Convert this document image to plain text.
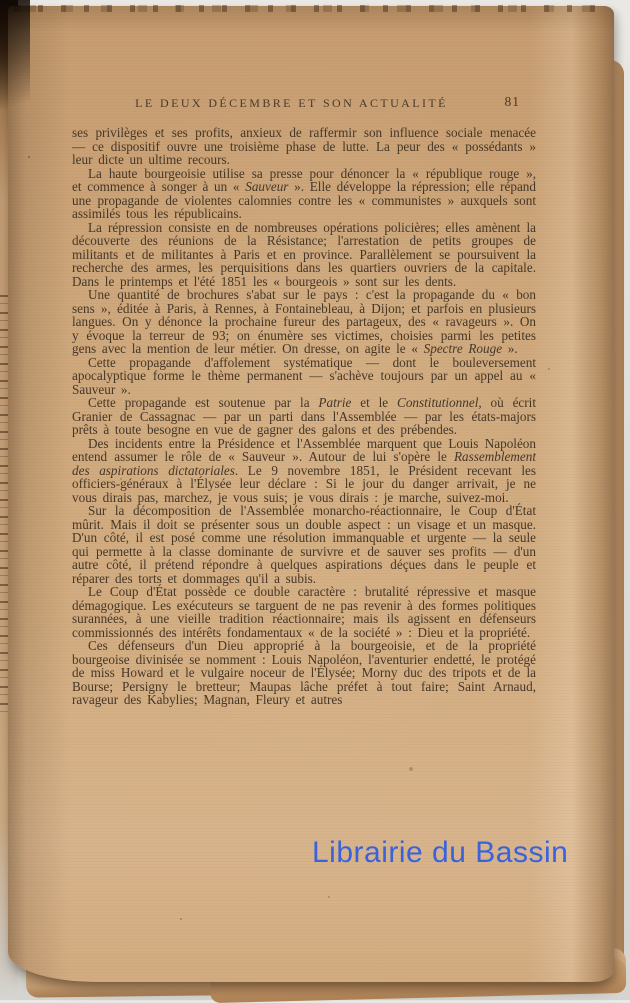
LE DEUX DÉCEMBRE ET SON ACTUALITÉ	81

ses privilèges et ses profits, anxieux de raffermir son influence sociale menacée — ce dispositif ouvre une troisième phase de lutte. La peur des « possédants » leur dicte un ultime recours.

La haute bourgeoisie utilise sa presse pour dénoncer la « république rouge », et commence à songer à un « Sauveur ». Elle développe la répression; elle répand une propagande de violentes calomnies contre les « communistes » auxquels sont assimilés tous les républicains.

La répression consiste en de nombreuses opérations policières; elles amènent la découverte des réunions de la Résistance; l'arrestation de petits groupes de militants et de militantes à Paris et en province. Parallèlement se poursuivent la recherche des armes, les perquisitions dans les quartiers ouvriers de la capitale. Dans le printemps et l'été 1851 les « bourgeois » sont sur les dents.

Une quantité de brochures s'abat sur le pays : c'est la propagande du « bon sens », éditée à Paris, à Rennes, à Fontainebleau, à Dijon; et parfois en plusieurs langues. On y dénonce la prochaine fureur des partageux, des « ravageurs ». On y évoque la terreur de 93; on énumère ses victimes, choisies parmi les petites gens avec la mention de leur métier. On dresse, on agite le « Spectre Rouge ».

Cette propagande d'affolement systématique — dont le bouleversement apocalyptique forme le thème permanent — s'achève toujours par un appel au « Sauveur ».

Cette propagande est soutenue par la Patrie et le Constitutionnel, où écrit Granier de Cassagnac — par un parti dans l'Assemblée — par les états-majors prêts à toute besogne en vue de gagner des galons et des prébendes.

Des incidents entre la Présidence et l'Assemblée marquent que Louis Napoléon entend assumer le rôle de « Sauveur ». Autour de lui s'opère le Rassemblement des aspirations dictatoriales. Le 9 novembre 1851, le Président recevant les officiers-généraux à l'Élysée leur déclare : Si le jour du danger arrivait, je ne vous dirais pas, marchez, je vous suis; je vous dirais : je marche, suivez-moi.

Sur la décomposition de l'Assemblée monarcho-réactionnaire, le Coup d'État mûrit. Mais il doit se présenter sous un double aspect : un visage et un masque. D'un côté, il est posé comme une résolution immanquable et urgente — la seule qui permette à la classe dominante de survivre et de sauver ses profits — d'un autre côté, il prétend répondre à quelques aspirations déçues dans le peuple et réparer des torts et dommages qu'il a subis.

Le Coup d'État possède ce double caractère : brutalité répressive et masque démagogique. Les exécuteurs se targuent de ne pas revenir à des formes politiques surannées, à une vieille tradition réactionnaire; mais ils agissent en défenseurs commissionnés des intérêts fondamentaux « de la société » : Dieu et la propriété.

Ces défenseurs d'un Dieu approprié à la bourgeoisie, et de la propriété bourgeoise divinisée se nomment : Louis Napoléon, l'aventurier endetté, le protégé de miss Howard et le vulgaire noceur de l'Élysée; Morny duc des tripots et de la Bourse; Persigny le bretteur; Maupas lâche préfet à tout faire; Saint Arnaud, ravageur des Kabylies; Magnan, Fleury et autres

Librairie du Bassin
